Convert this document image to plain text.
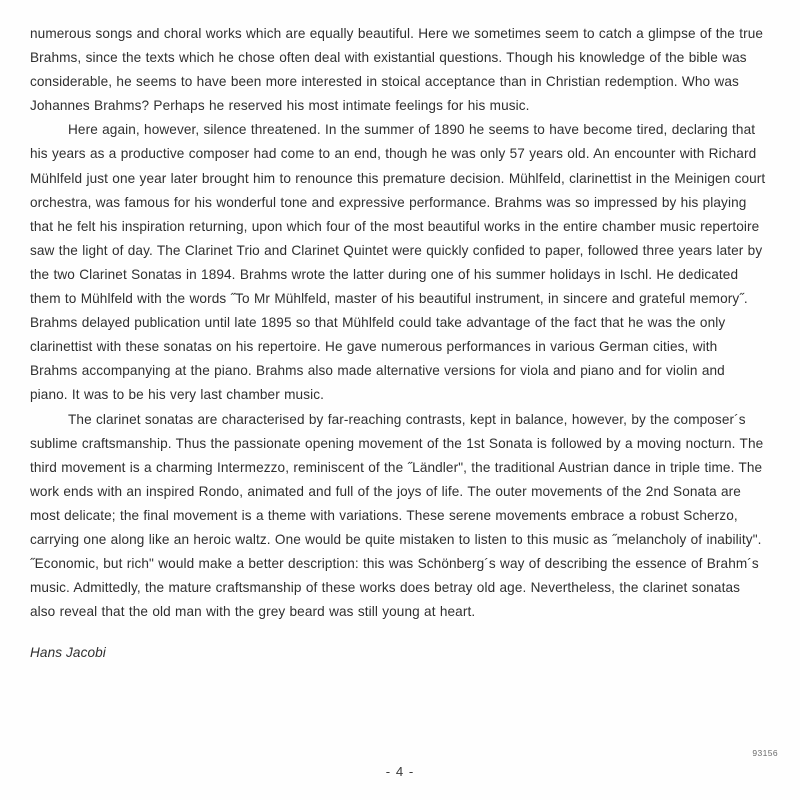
numerous songs and choral works which are equally beautiful. Here we sometimes seem to catch a glimpse of the true Brahms, since the texts which he chose often deal with existantial questions. Though his knowledge of the bible was considerable, he seems to have been more interested in stoical acceptance than in Christian redemption. Who was Johannes Brahms? Perhaps he reserved his most intimate feelings for his music.

Here again, however, silence threatened. In the summer of 1890 he seems to have become tired, declaring that his years as a productive composer had come to an end, though he was only 57 years old. An encounter with Richard Mühlfeld just one year later brought him to renounce this premature decision. Mühlfeld, clarinettist in the Meinigen court orchestra, was famous for his wonderful tone and expressive performance. Brahms was so impressed by his playing that he felt his inspiration returning, upon which four of the most beautiful works in the entire chamber music repertoire saw the light of day. The Clarinet Trio and Clarinet Quintet were quickly confided to paper, followed three years later by the two Clarinet Sonatas in 1894. Brahms wrote the latter during one of his summer holidays in Ischl. He dedicated them to Mühlfeld with the words ˝To Mr Mühlfeld, master of his beautiful instrument, in sincere and grateful memory˝. Brahms delayed publication until late 1895 so that Mühlfeld could take advantage of the fact that he was the only clarinettist with these sonatas on his repertoire. He gave numerous performances in various German cities, with Brahms accompanying at the piano. Brahms also made alternative versions for viola and piano and for violin and piano. It was to be his very last chamber music.

The clarinet sonatas are characterised by far-reaching contrasts, kept in balance, however, by the composer´s sublime craftsmanship. Thus the passionate opening movement of the 1st Sonata is followed by a moving nocturn. The third movement is a charming Intermezzo, reminiscent of the ˝Ländlerʺ, the traditional Austrian dance in triple time. The work ends with an inspired Rondo, animated and full of the joys of life. The outer movements of the 2nd Sonata are most delicate; the final movement is a theme with variations. These serene movements embrace a robust Scherzo, carrying one along like an heroic waltz. One would be quite mistaken to listen to this music as ˝melancholy of inabilityʺ. ˝Economic, but richʺ would make a better description: this was Schönberg´s way of describing the essence of Brahm´s music. Admittedly, the mature craftsmanship of these works does betray old age. Nevertheless, the clarinet sonatas also reveal that the old man with the grey beard was still young at heart.

Hans Jacobi
93156
- 4 -
